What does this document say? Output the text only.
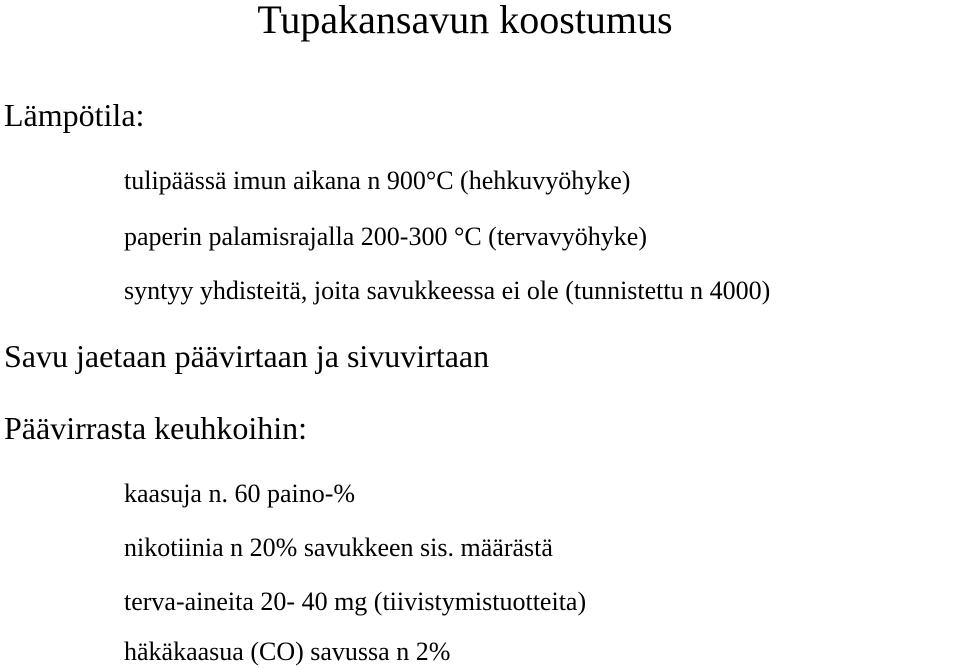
Tupakansavun koostumus
Lämpötila:
tulipäässä imun aikana n 900°C (hehkuvyöhyke)
paperin palamisrajalla 200-300 °C (tervavyöhyke)
syntyy yhdisteitä, joita savukkeessa ei ole (tunnistettu n 4000)
Savu jaetaan päävirtaan ja sivuvirtaan
Päävirrasta keuhkoihin:
kaasuja n. 60 paino-%
nikotiinia n 20% savukkeen sis. määrästä
terva-aineita 20- 40 mg (tiivistymistuotteita)
häkäkaasua (CO) savussa n 2%
